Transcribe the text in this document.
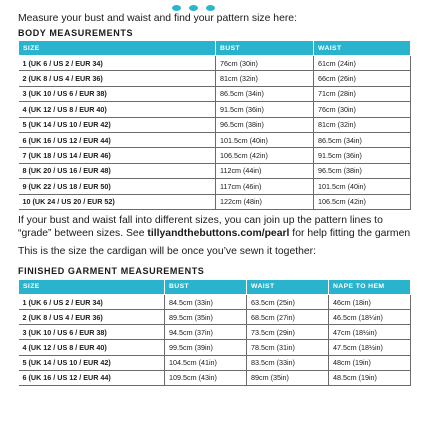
Measure your bust and waist and find your pattern size here:
BODY MEASUREMENTS
SIZE	BUST	WAIST
1 (UK 6 / US 2 / EUR 34)	76cm (30in)	61cm (24in)
2 (UK 8 / US 4 / EUR 36)	81cm (32in)	66cm (26in)
3 (UK 10 / US 6 / EUR 38)	86.5cm (34in)	71cm (28in)
4 (UK 12 / US 8 / EUR 40)	91.5cm (36in)	76cm (30in)
5 (UK 14 / US 10 / EUR 42)	96.5cm (38in)	81cm (32in)
6 (UK 16 / US 12 / EUR 44)	101.5cm (40in)	86.5cm (34in)
7 (UK 18 / US 14 / EUR 46)	106.5cm (42in)	91.5cm (36in)
8 (UK 20 / US 16 / EUR 48)	112cm (44in)	96.5cm (38in)
9 (UK 22 / US 18 / EUR 50)	117cm (46in)	101.5cm (40in)
10 (UK 24 / US 20 / EUR 52)	122cm (48in)	106.5cm (42in)
If your bust and waist fall into different sizes, you can join up the pattern lines to
“grade” between sizes. See tillyandthebuttons.com/pearl for help fitting the garmen
This is the size the cardigan will be once you’ve sewn it together:
FINISHED GARMENT MEASUREMENTS
SIZE	BUST	WAIST	NAPE TO HEM
1 (UK 6 / US 2 / EUR 34)	84.5cm (33in)	63.5cm (25in)	46cm (18in)
2 (UK 8 / US 4 / EUR 36)	89.5cm (35in)	68.5cm (27in)	46.5cm (18¼in)
3 (UK 10 / US 6 / EUR 38)	94.5cm (37in)	73.5cm (29in)	47cm (18½in)
4 (UK 12 / US 8 / EUR 40)	99.5cm (39in)	78.5cm (31in)	47.5cm (18½in)
5 (UK 14 / US 10 / EUR 42)	104.5cm (41in)	83.5cm (33in)	48cm (19in)
6 (UK 16 / US 12 / EUR 44)	109.5cm (43in)	89cm (35in)	48.5cm (19in)
